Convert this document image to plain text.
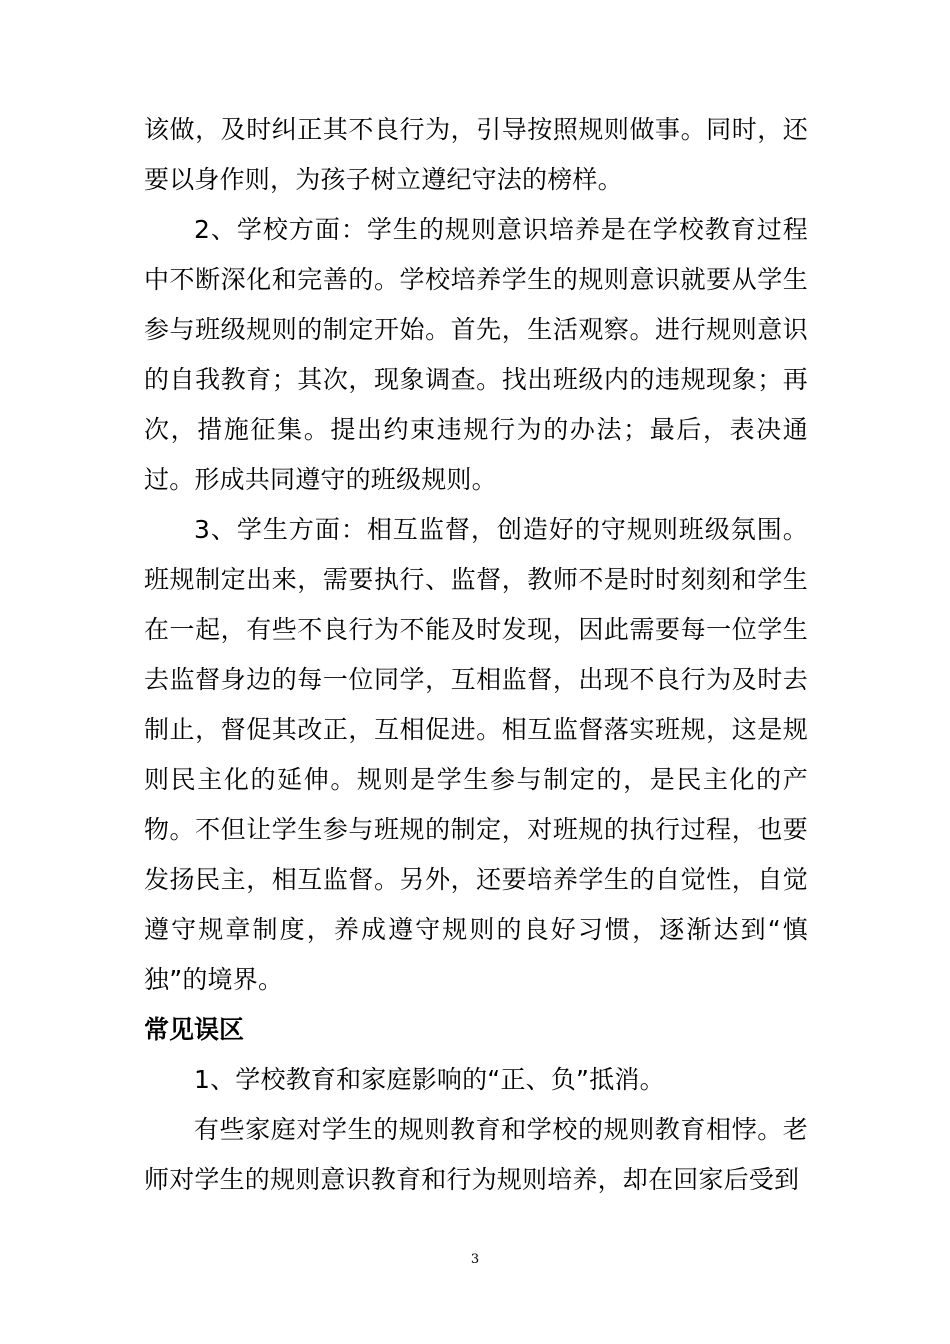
该做，及时纠正其不良行为，引导按照规则做事。同时，还要以身作则，为孩子树立遵纪守法的榜样。

2、学校方面：学生的规则意识培养是在学校教育过程中不断深化和完善的。学校培养学生的规则意识就要从学生参与班级规则的制定开始。首先，生活观察。进行规则意识的自我教育；其次，现象调查。找出班级内的违规现象；再次，措施征集。提出约束违规行为的办法；最后，表决通过。形成共同遵守的班级规则。

3、学生方面：相互监督，创造好的守规则班级氛围。班规制定出来，需要执行、监督，教师不是时时刻刻和学生在一起，有些不良行为不能及时发现，因此需要每一位学生去监督身边的每一位同学，互相监督，出现不良行为及时去制止，督促其改正，互相促进。相互监督落实班规，这是规则民主化的延伸。规则是学生参与制定的，是民主化的产物。不但让学生参与班规的制定，对班规的执行过程，也要发扬民主，相互监督。另外，还要培养学生的自觉性，自觉遵守规章制度，养成遵守规则的良好习惯，逐渐达到“慎独”的境界。

常见误区

1、学校教育和家庭影响的“正、负”抵消。

有些家庭对学生的规则教育和学校的规则教育相悖。老师对学生的规则意识教育和行为规则培养，却在回家后受到

3
